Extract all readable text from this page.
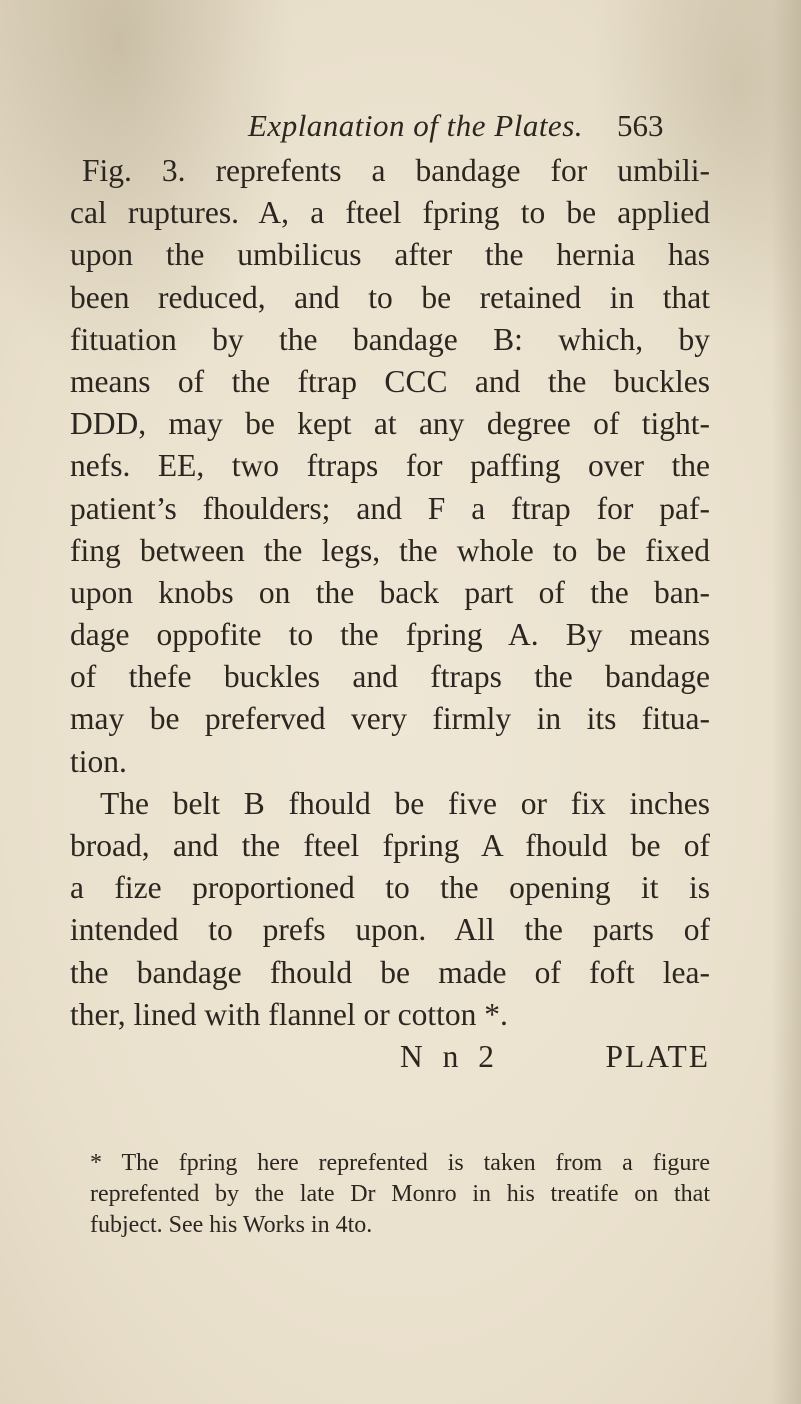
Explanation of the Plates. 563
Fig. 3. reprefents a bandage for umbili-
cal ruptures. A, a fteel fpring to be applied
upon the umbilicus after the hernia has
been reduced, and to be retained in that
fituation by the bandage B: which, by
means of the ftrap CCC and the buckles
DDD, may be kept at any degree of tight-
nefs. EE, two ftraps for paffing over the
patient’s fhoulders; and F a ftrap for paf-
fing between the legs, the whole to be fixed
upon knobs on the back part of the ban-
dage oppofite to the fpring A. By means
of thefe buckles and ftraps the bandage
may be preferved very firmly in its fitua-
tion.
The belt B fhould be five or fix inches
broad, and the fteel fpring A fhould be of
a fize proportioned to the opening it is
intended to prefs upon. All the parts of
the bandage fhould be made of foft lea-
ther, lined with flannel or cotton *.
N n 2	PLATE
* The fpring here reprefented is taken from a figure
reprefented by the late Dr Monro in his treatife on that
fubject. See his Works in 4to.
